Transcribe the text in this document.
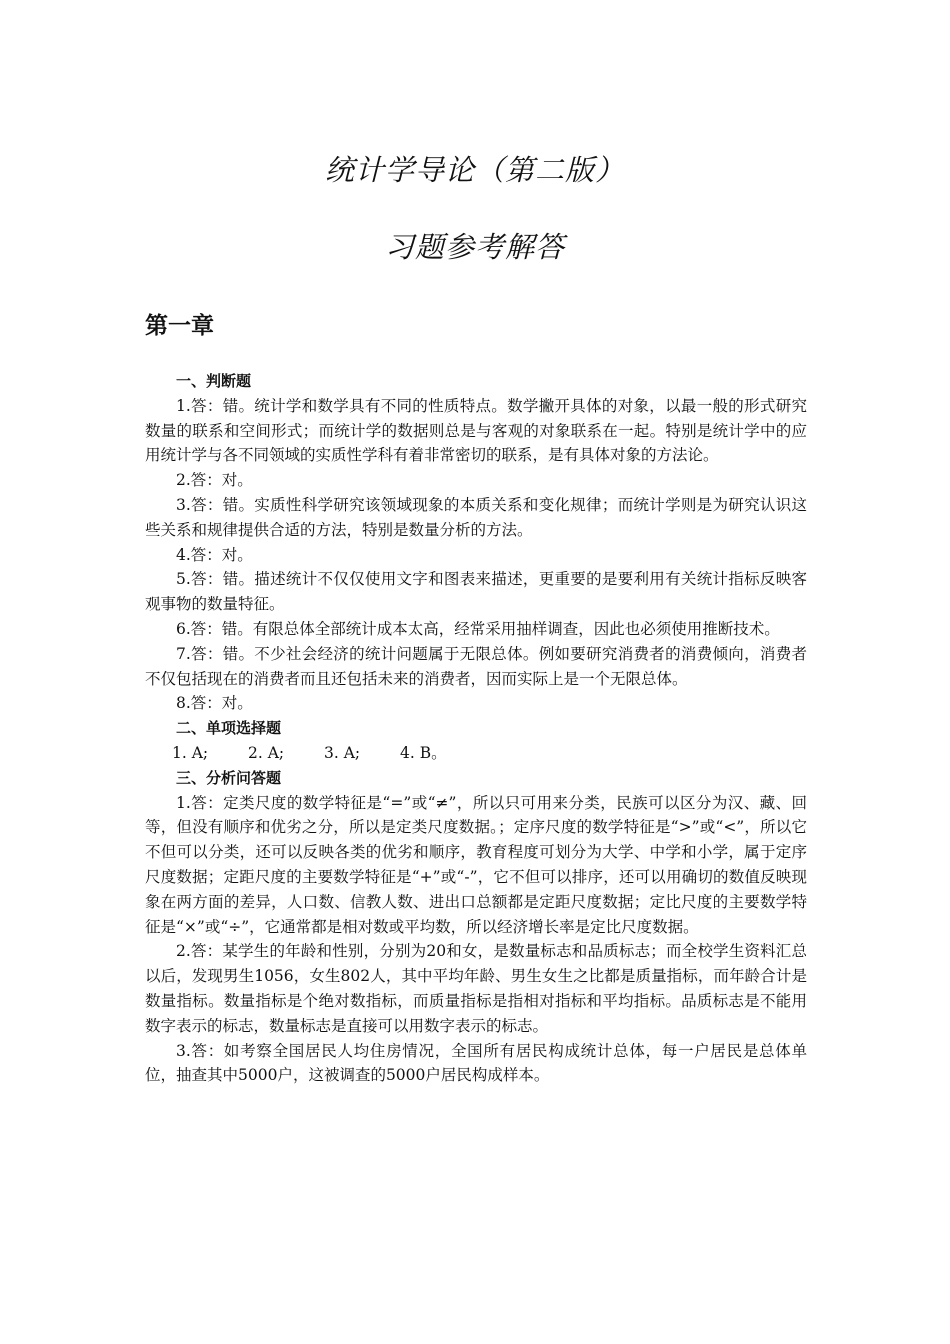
统计学导论（第二版）
习题参考解答
第一章
一、判断题

1.答：错。统计学和数学具有不同的性质特点。数学撇开具体的对象，以最一般的形式研究数量的联系和空间形式；而统计学的数据则总是与客观的对象联系在一起。特别是统计学中的应用统计学与各不同领域的实质性学科有着非常密切的联系，是有具体对象的方法论。

2.答：对。

3.答：错。实质性科学研究该领域现象的本质关系和变化规律；而统计学则是为研究认识这些关系和规律提供合适的方法，特别是数量分析的方法。

4.答：对。

5.答：错。描述统计不仅仅使用文字和图表来描述，更重要的是要利用有关统计指标反映客观事物的数量特征。

6.答：错。有限总体全部统计成本太高，经常采用抽样调查，因此也必须使用推断技术。

7.答：错。不少社会经济的统计问题属于无限总体。例如要研究消费者的消费倾向，消费者不仅包括现在的消费者而且还包括未来的消费者，因而实际上是一个无限总体。

8.答：对。

二、单项选择题
1. A;	2. A;	3. A;	4. B。
三、分析问答题

1.答：定类尺度的数学特征是“=”或“≠”，所以只可用来分类，民族可以区分为汉、藏、回等，但没有顺序和优劣之分，所以是定类尺度数据。；定序尺度的数学特征是“>”或“<”，所以它不但可以分类，还可以反映各类的优劣和顺序，教育程度可划分为大学、中学和小学，属于定序尺度数据；定距尺度的主要数学特征是“+”或“-”，它不但可以排序，还可以用确切的数值反映现象在两方面的差异，人口数、信教人数、进出口总额都是定距尺度数据；定比尺度的主要数学特征是“×”或“÷”，它通常都是相对数或平均数，所以经济增长率是定比尺度数据。

2.答：某学生的年龄和性别，分别为20和女，是数量标志和品质标志；而全校学生资料汇总以后，发现男生1056，女生802人，其中平均年龄、男生女生之比都是质量指标，而年龄合计是数量指标。数量指标是个绝对数指标，而质量指标是指相对指标和平均指标。品质标志是不能用数字表示的标志，数量标志是直接可以用数字表示的标志。

3.答：如考察全国居民人均住房情况，全国所有居民构成统计总体，每一户居民是总体单位，抽查其中5000户，这被调查的5000户居民构成样本。
